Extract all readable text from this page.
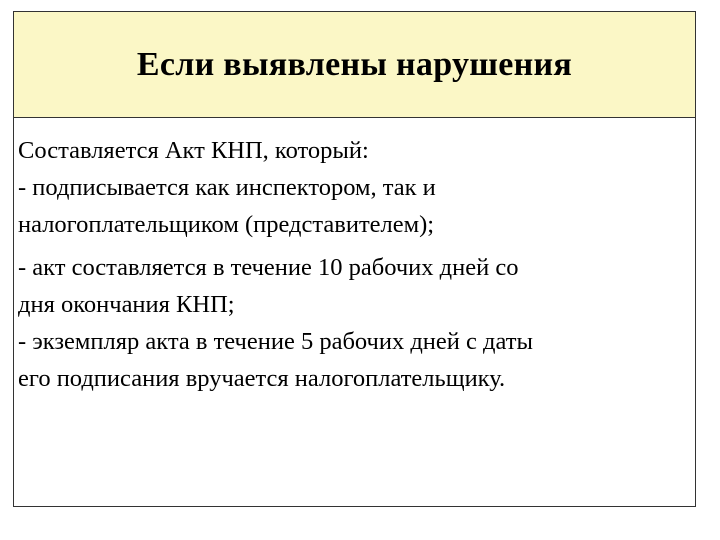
Если выявлены нарушения
Составляется Акт КНП, который:
- подписывается как инспектором, так и
налогоплательщиком (представителем);
- акт составляется в течение 10 рабочих дней со
дня окончания КНП;
- экземпляр акта в течение 5 рабочих дней с даты
его подписания вручается налогоплательщику.
